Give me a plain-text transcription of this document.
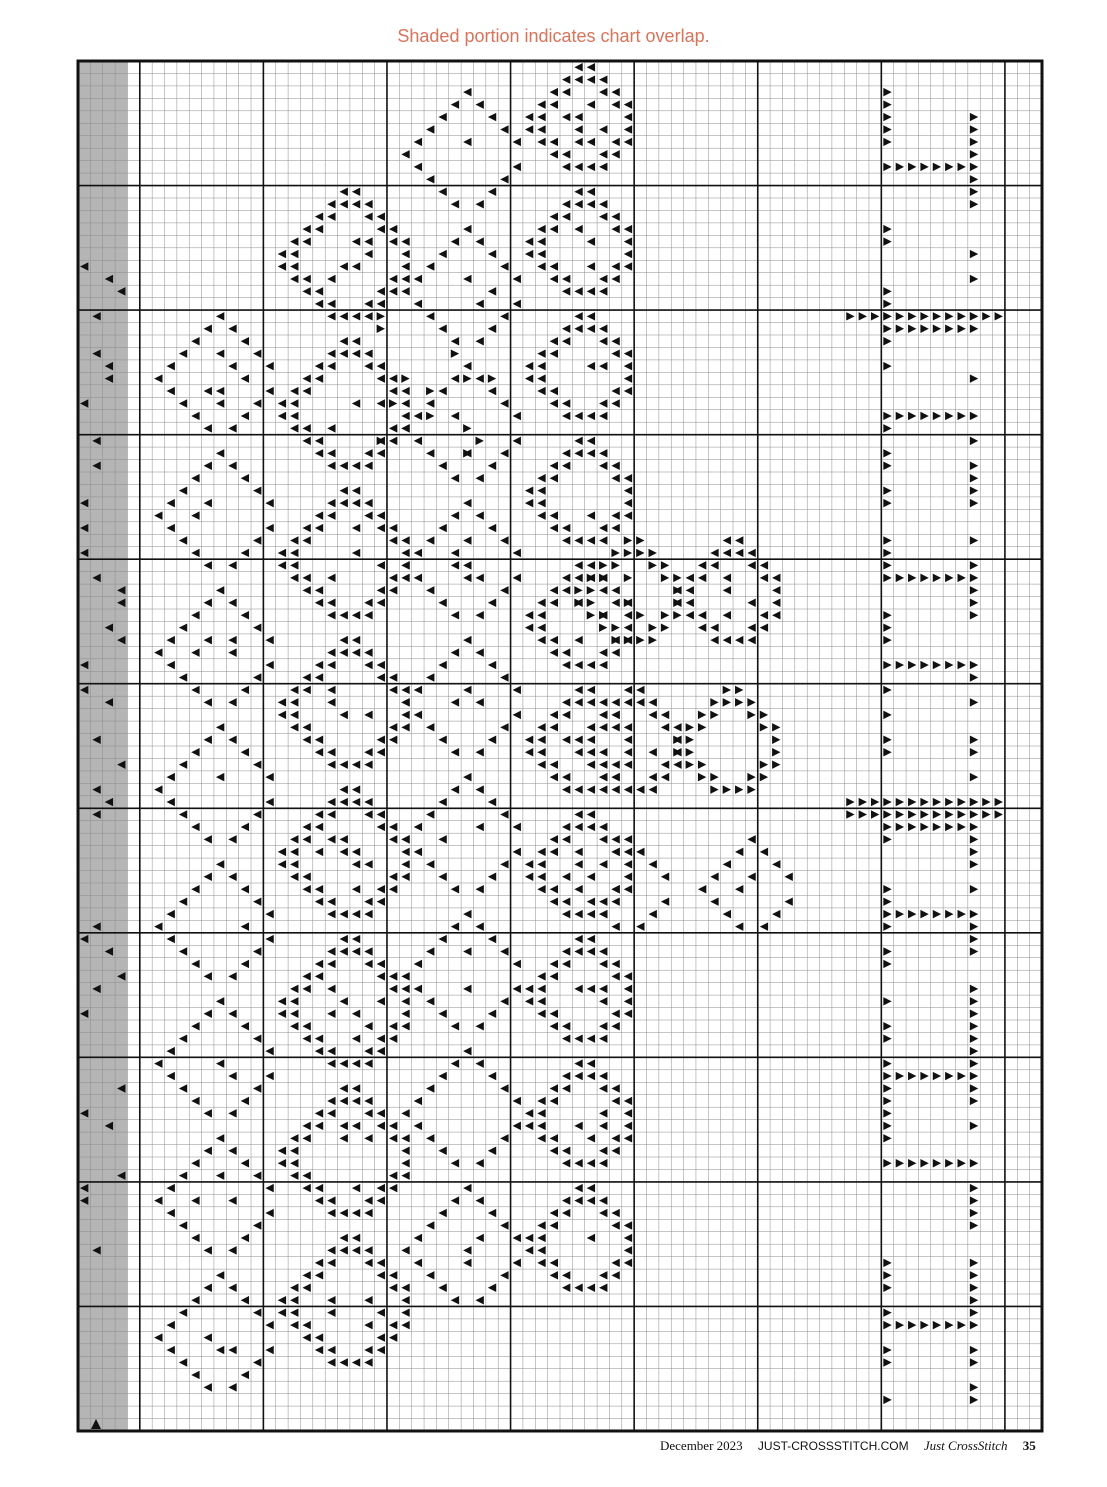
Shaded portion indicates chart overlap.
December 2023 JUST-CROSSSTITCH.COM Just CrossStitch 35
